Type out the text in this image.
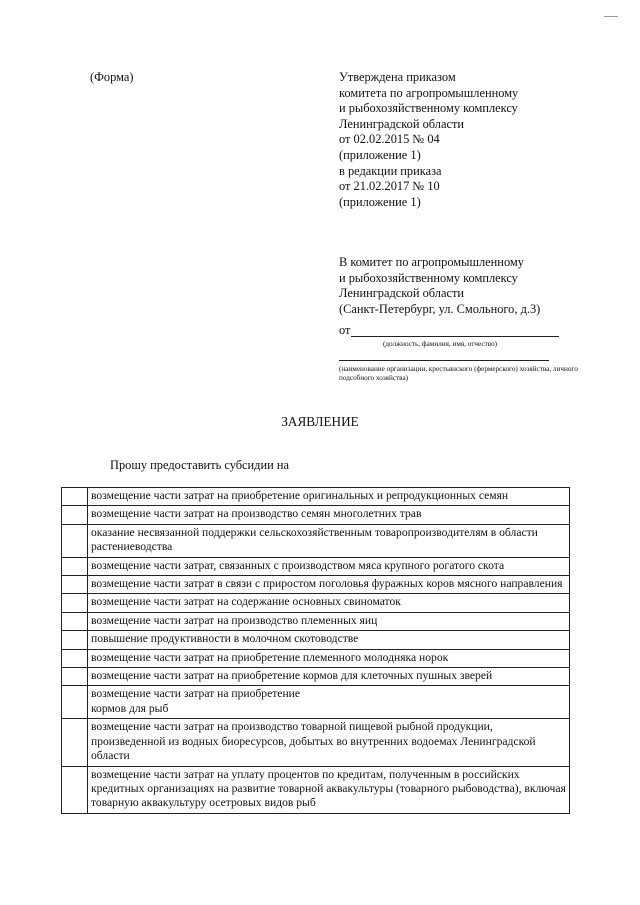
(Форма)	Утверждена приказом
комитета по агропромышленному
и рыбохозяйственному комплексу
Ленинградской области
от 02.02.2015 № 04
(приложение 1)
в редакции приказа
от 21.02.2017 № 10
(приложение 1)
В комитет по агропромышленному
и рыбохозяйственному комплексу
Ленинградской области
(Санкт-Петербург, ул. Смольного, д.3)
от
(должность, фамилия, имя, отчество)
(наименование организации, крестьянского (фермерского) хозяйства, личного подсобного хозяйства)
ЗАЯВЛЕНИЕ
Прошу предоставить субсидии на
	возмещение части затрат на приобретение оригинальных и репродукционных семян
	возмещение части затрат на производство семян многолетних трав
	оказание несвязанной поддержки сельскохозяйственным товаропроизводителям в области растениеводства
	возмещение части затрат, связанных с производством мяса крупного рогатого скота
	возмещение части затрат в связи с приростом поголовья фуражных коров мясного направления
	возмещение части затрат на содержание основных свиноматок
	возмещение части затрат на производство племенных яиц
	повышение продуктивности в молочном скотоводстве
	возмещение части затрат на приобретение племенного молодняка норок
	возмещение части затрат на приобретение кормов для клеточных пушных зверей
	возмещение части затрат на приобретение
кормов для рыб
	возмещение части затрат на производство товарной пищевой рыбной продукции, произведенной из водных биоресурсов, добытых во внутренних водоемах Ленинградской области
	возмещение части затрат на уплату процентов по кредитам, полученным в российских кредитных организациях на развитие товарной аквакультуры (товарного рыбоводства), включая товарную аквакультуру осетровых видов рыб
